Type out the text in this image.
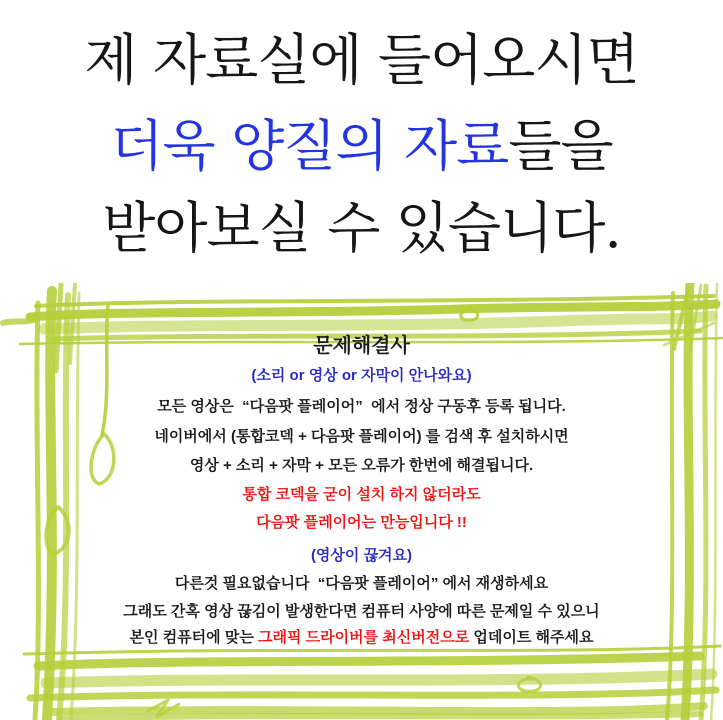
제 자료실에 들어오시면
더욱 양질의 자료들을
받아보실 수 있습니다.
문제해결사
(소리 or 영상 or 자막이 안나와요)
모든 영상은  “다음팟 플레이어”  에서 정상 구동후 등록 됩니다.
네이버에서 (통합코덱 + 다음팟 플레이어) 를 검색 후 설치하시면
영상 + 소리 + 자막 + 모든 오류가 한번에 해결됩니다.
통합 코덱을 굳이 설치 하지 않더라도
다음팟 플레이어는 만능입니다 !!
(영상이 끊겨요)
다른것 필요없습니다  “다음팟 플레이어” 에서 재생하세요
그래도 간혹 영상 끊김이 발생한다면 컴퓨터 사양에 따른 문제일 수 있으니
본인 컴퓨터에 맞는 그래픽 드라이버를 최신버전으로 업데이트 해주세요
